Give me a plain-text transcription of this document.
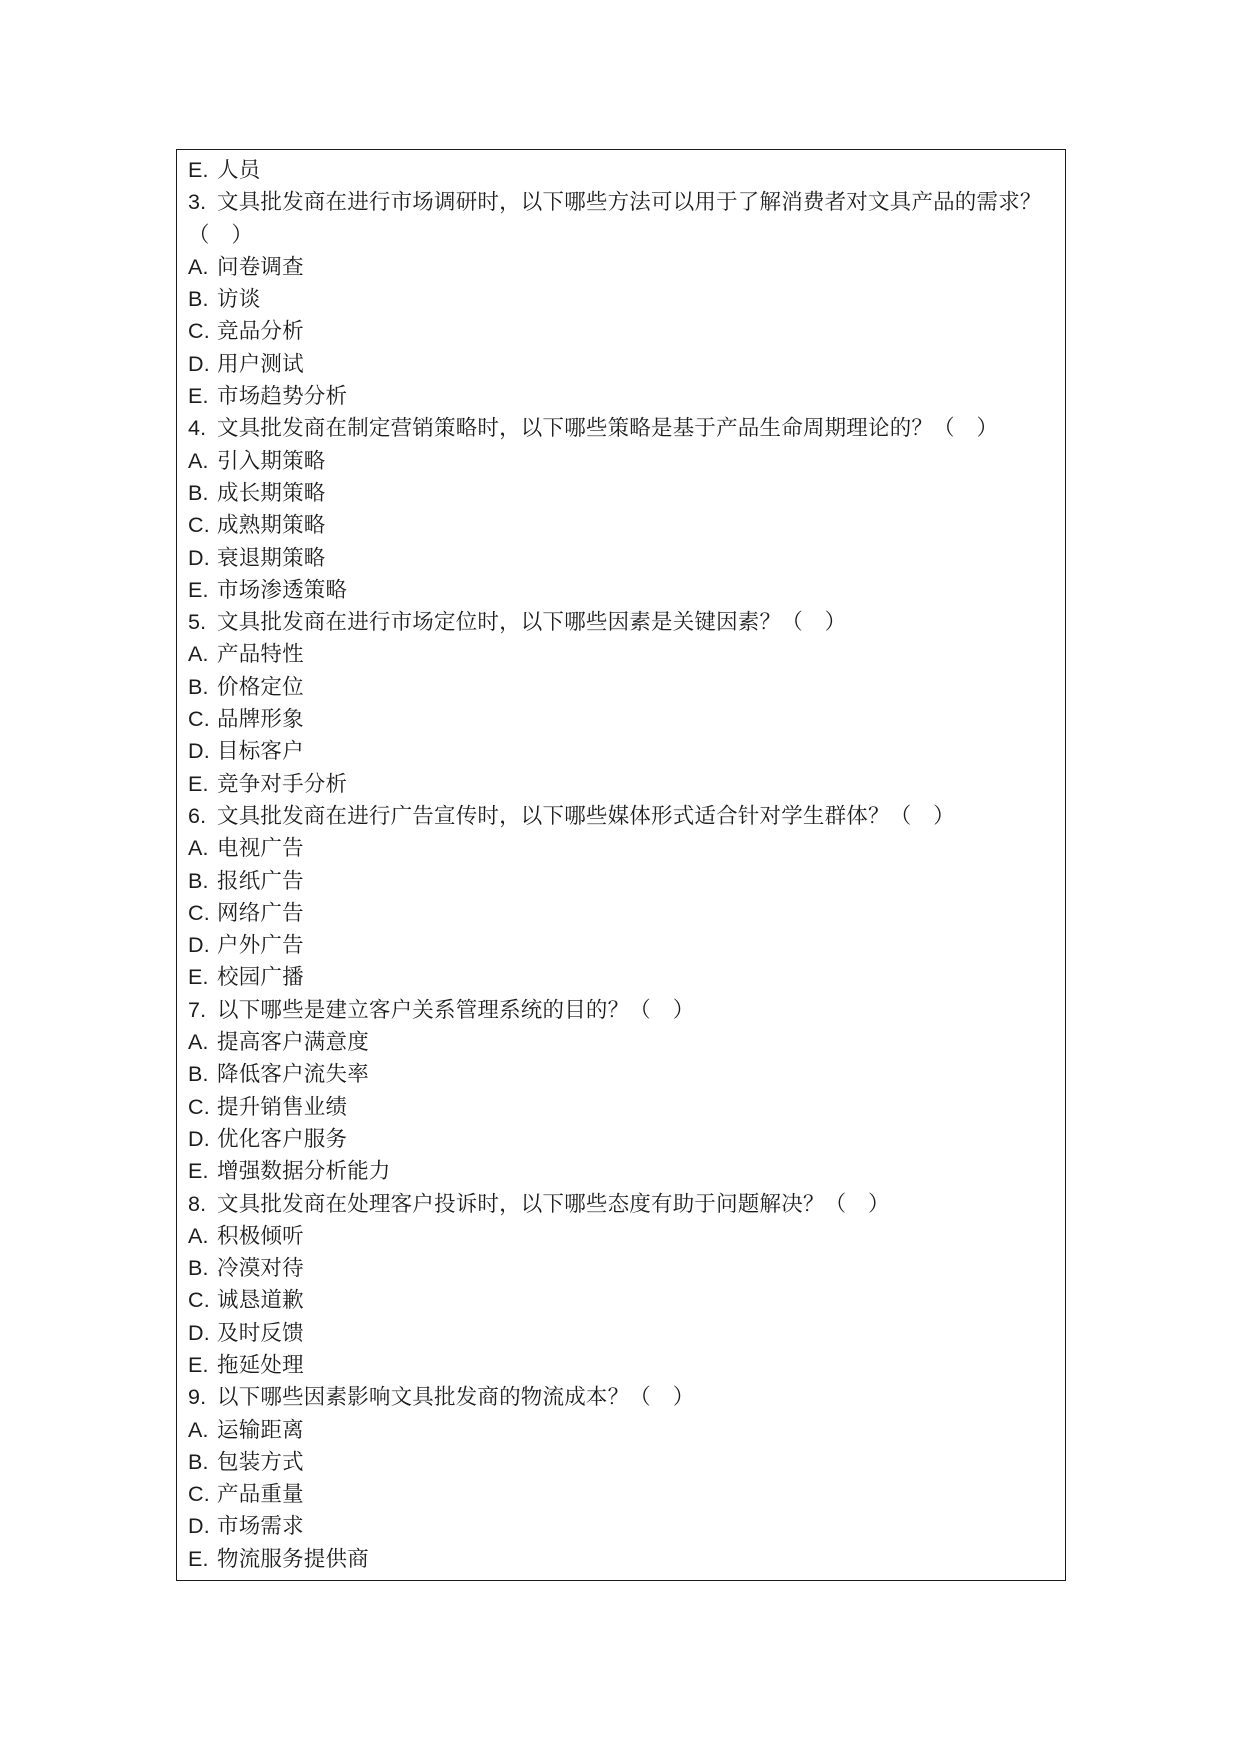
E. 人员
3. 文具批发商在进行市场调研时，以下哪些方法可以用于了解消费者对文具产品的需求？
（　）
A. 问卷调查
B. 访谈
C. 竞品分析
D. 用户测试
E. 市场趋势分析
4. 文具批发商在制定营销策略时，以下哪些策略是基于产品生命周期理论的？（　）
A. 引入期策略
B. 成长期策略
C. 成熟期策略
D. 衰退期策略
E. 市场渗透策略
5. 文具批发商在进行市场定位时，以下哪些因素是关键因素？（　）
A. 产品特性
B. 价格定位
C. 品牌形象
D. 目标客户
E. 竞争对手分析
6. 文具批发商在进行广告宣传时，以下哪些媒体形式适合针对学生群体？（　）
A. 电视广告
B. 报纸广告
C. 网络广告
D. 户外广告
E. 校园广播
7. 以下哪些是建立客户关系管理系统的目的？（　）
A. 提高客户满意度
B. 降低客户流失率
C. 提升销售业绩
D. 优化客户服务
E. 增强数据分析能力
8. 文具批发商在处理客户投诉时，以下哪些态度有助于问题解决？（　）
A. 积极倾听
B. 冷漠对待
C. 诚恳道歉
D. 及时反馈
E. 拖延处理
9. 以下哪些因素影响文具批发商的物流成本？（　）
A. 运输距离
B. 包装方式
C. 产品重量
D. 市场需求
E. 物流服务提供商
